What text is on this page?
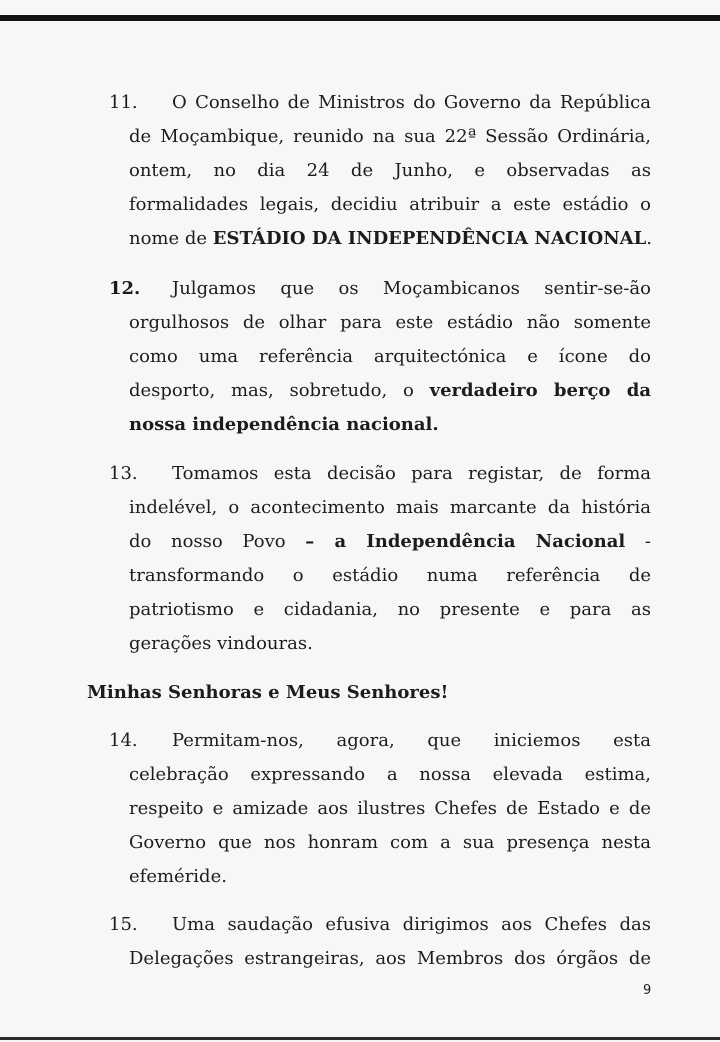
11.	O Conselho de Ministros do Governo da República
de Moçambique, reunido na sua 22ª Sessão Ordinária,
ontem, no dia 24 de Junho, e observadas as
formalidades legais, decidiu atribuir a este estádio o
nome de ESTÁDIO DA INDEPENDÊNCIA NACIONAL.
12.	Julgamos que os Moçambicanos sentir-se-ão
orgulhosos de olhar para este estádio não somente
como uma referência arquitectónica e ícone do
desporto, mas, sobretudo, o verdadeiro berço da
nossa independência nacional.
13.	Tomamos esta decisão para registar, de forma
indelével, o acontecimento mais marcante da história
do nosso Povo – a Independência Nacional -
transformando o estádio numa referência de
patriotismo e cidadania, no presente e para as
gerações vindouras.
Minhas Senhoras e Meus Senhores!
14.	Permitam-nos, agora, que iniciemos esta
celebração expressando a nossa elevada estima,
respeito e amizade aos ilustres Chefes de Estado e de
Governo que nos honram com a sua presença nesta
efeméride.
15.	Uma saudação efusiva dirigimos aos Chefes das
Delegações estrangeiras, aos Membros dos órgãos de
9
